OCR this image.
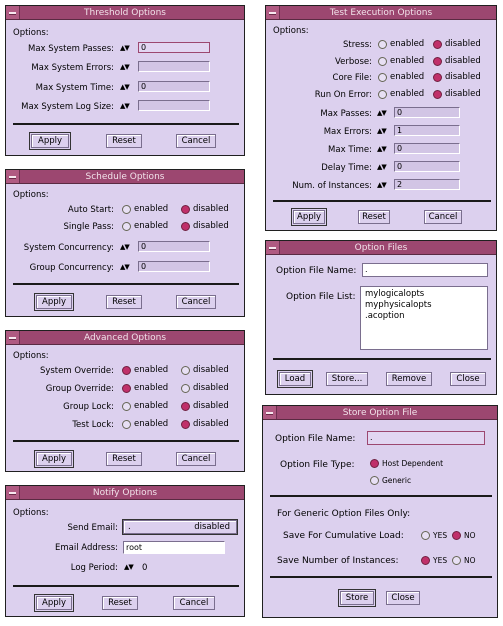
Threshold Options
Options:
Max System Passes: ▲▼	0
Max System Errors: ▲▼
Max System Time: ▲▼	0
Max System Log Size: ▲▼
Apply	Reset	Cancel
Schedule Options
Options:
Auto Start: enabled	disabled
Single Pass: enabled	disabled
System Concurrency: ▲▼	0
Group Concurrency: ▲▼	0
Apply	Reset	Cancel
Advanced Options
Options:
System Override: enabled	disabled
Group Override: enabled	disabled
Group Lock: enabled	disabled
Test Lock: enabled	disabled
Apply	Reset	Cancel
Notify Options
Options:
Send Email: .	disabled
Email Address:	root
Log Period: ▲▼ 0
Apply	Reset	Cancel
Test Execution Options
Options:
Stress: enabled disabled
Verbose: enabled disabled
Core File: enabled disabled
Run On Error: enabled disabled
Max Passes: ▲▼	0
Max Errors: ▲▼	1
Max Time: ▲▼	0
Delay Time: ▲▼	0
Num. of Instances: ▲▼	2
Apply	Reset	Cancel
Option Files
Option File Name:	.
Option File List: mylogicalopts
myphysicalopts
.acoption
Load	Store...	Remove	Close
Store Option File
Option File Name:	.
Option File Type:	Host Dependent
Generic
For Generic Option Files Only:
Save For Cumulative Load:	YES NO
Save Number of Instances:	YES NO
Store	Close
